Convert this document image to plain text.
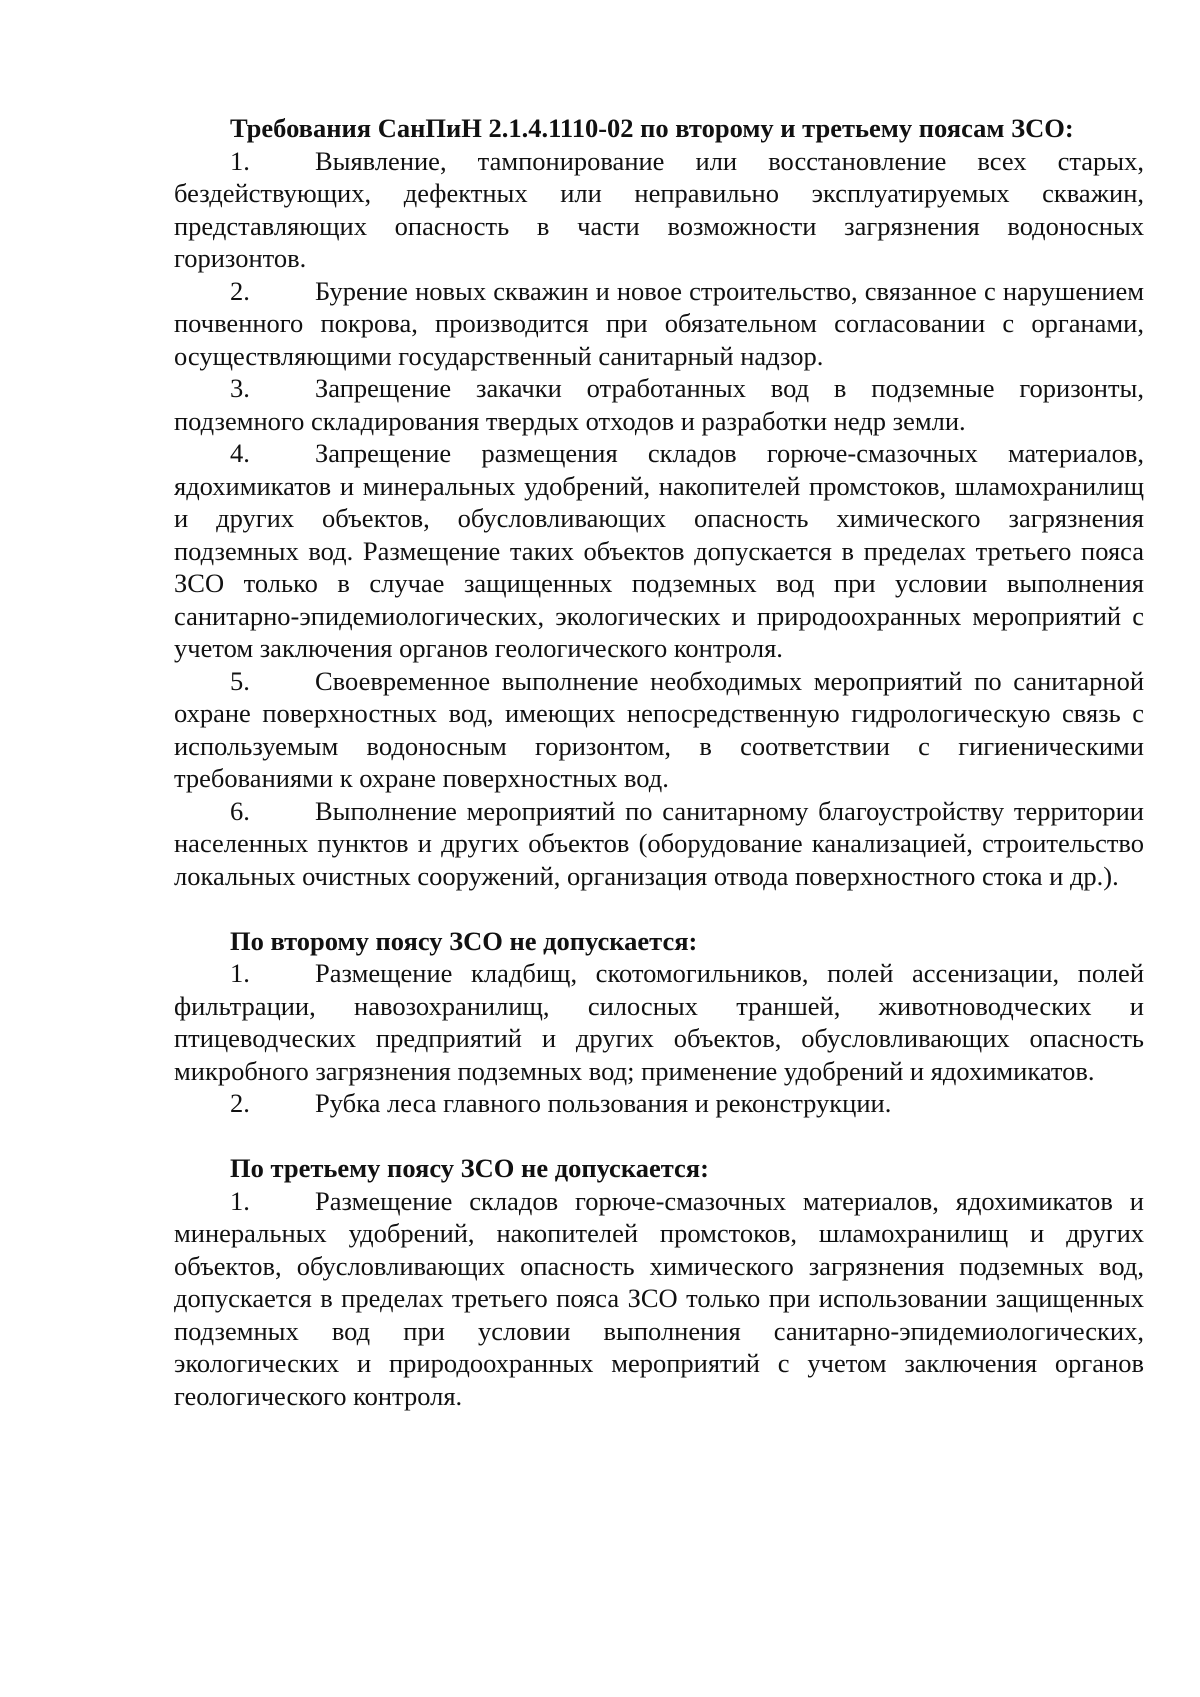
Требования СанПиН 2.1.4.1110-02 по второму и третьему поясам ЗСО:

1. Выявление, тампонирование или восстановление всех старых, бездействующих, дефектных или неправильно эксплуатируемых скважин, представляющих опасность в части возможности загрязнения водоносных горизонтов.

2. Бурение новых скважин и новое строительство, связанное с нарушением почвенного покрова, производится при обязательном согласовании с органами, осуществляющими государственный санитарный надзор.

3. Запрещение закачки отработанных вод в подземные горизонты, подземного складирования твердых отходов и разработки недр земли.

4. Запрещение размещения складов горюче-смазочных материалов, ядохимикатов и минеральных удобрений, накопителей промстоков, шламохранилищ и других объектов, обусловливающих опасность химического загрязнения подземных вод. Размещение таких объектов допускается в пределах третьего пояса ЗСО только в случае защищенных подземных вод при условии выполнения санитарно-эпидемиологических, экологических и природоохранных мероприятий с учетом заключения органов геологического контроля.

5. Своевременное выполнение необходимых мероприятий по санитарной охране поверхностных вод, имеющих непосредственную гидрологическую связь с используемым водоносным горизонтом, в соответствии с гигиеническими требованиями к охране поверхностных вод.

6. Выполнение мероприятий по санитарному благоустройству территории населенных пунктов и других объектов (оборудование канализацией, строительство локальных очистных сооружений, организация отвода поверхностного стока и др.).

По второму поясу ЗСО не допускается:

1. Размещение кладбищ, скотомогильников, полей ассенизации, полей фильтрации, навозохранилищ, силосных траншей, животноводческих и птицеводческих предприятий и других объектов, обусловливающих опасность микробного загрязнения подземных вод; применение удобрений и ядохимикатов.

2. Рубка леса главного пользования и реконструкции.

По третьему поясу ЗСО не допускается:

1. Размещение складов горюче-смазочных материалов, ядохимикатов и минеральных удобрений, накопителей промстоков, шламохранилищ и других объектов, обусловливающих опасность химического загрязнения подземных вод, допускается в пределах третьего пояса ЗСО только при использовании защищенных подземных вод при условии выполнения санитарно-эпидемиологических, экологических и природоохранных мероприятий с учетом заключения органов геологического контроля.
